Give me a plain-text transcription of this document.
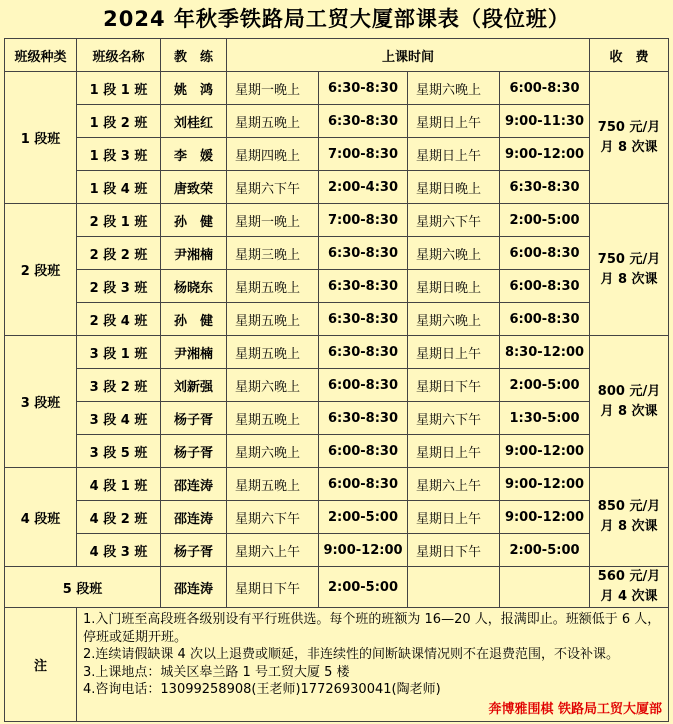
2024 年秋季铁路局工贸大厦部课表（段位班）
班级种类	班级名称	教　练	上课时间				收　费
1 段班	1 段 1 班	姚　鸿	星期一晚上	6:30-8:30	星期六晚上	6:00-8:30	750 元/月
月 8 次课

	1 段 2 班	刘桂红	星期五晚上	6:30-8:30	星期日上午	9:00-11:30	
	1 段 3 班	李　媛	星期四晚上	7:00-8:30	星期日上午	9:00-12:00	
	1 段 4 班	唐致荣	星期六下午	2:00-4:30	星期日晚上	6:30-8:30	
2 段班	2 段 1 班	孙　健	星期一晚上	7:00-8:30	星期六下午	2:00-5:00	750 元/月
月 8 次课

	2 段 2 班	尹湘楠	星期三晚上	6:30-8:30	星期六晚上	6:00-8:30	
	2 段 3 班	杨晓东	星期五晚上	6:30-8:30	星期日晚上	6:00-8:30	
	2 段 4 班	孙　健	星期五晚上	6:30-8:30	星期六晚上	6:00-8:30	
3 段班	3 段 1 班	尹湘楠	星期五晚上	6:30-8:30	星期日上午	8:30-12:00	800 元/月
月 8 次课

	3 段 2 班	刘新强	星期六晚上	6:00-8:30	星期日下午	2:00-5:00	
	3 段 4 班	杨子胥	星期五晚上	6:30-8:30	星期六下午	1:30-5:00	
	3 段 5 班	杨子胥	星期六晚上	6:00-8:30	星期日上午	9:00-12:00	
4 段班	4 段 1 班	邵连涛	星期五晚上	6:00-8:30	星期六上午	9:00-12:00	850 元/月
月 8 次课

	4 段 2 班	邵连涛	星期六下午	2:00-5:00	星期日上午	9:00-12:00	
	4 段 3 班	杨子胥	星期六上午	9:00-12:00	星期日下午	2:00-5:00	
5 段班		邵连涛	星期日下午	2:00-5:00			560 元/月
月 4 次课

注	1.入门班至高段班各级别设有平行班供选。每个班的班额为 16—20 人，报满即止。班额低于 6 人，停班或延期开班。
2.连续请假缺课 4 次以上退费或顺延，非连续性的间断缺课情况则不在退费范围，不设补课。
3.上课地点：城关区皋兰路 1 号工贸大厦 5 楼
4.咨询电话：13099258908(王老师)17726930041(陶老师)
奔博雅围棋 铁路局工贸大厦部						
